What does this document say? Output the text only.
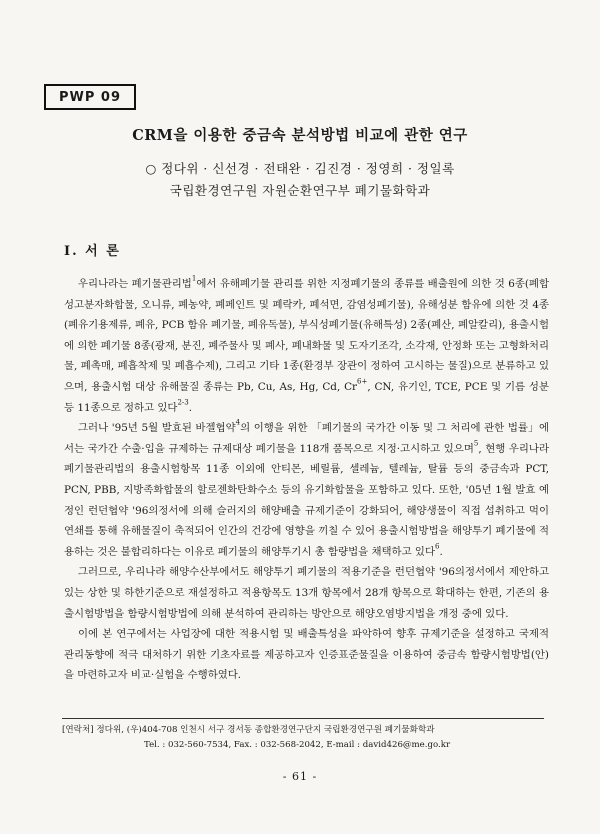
PWP 09
CRM을 이용한 중금속 분석방법 비교에 관한 연구
○ 정다위 · 신선경 · 전태완 · 김진경 · 정영희 · 정일록
국립환경연구원 자원순환연구부 폐기물화학과
I. 서 론

우리나라는 폐기물관리법$^1$에서 유해폐기물 관리를 위한 지정폐기물의 종류를 배출원에 의한 것 6종(폐합성고분자화합물, 오니류, 폐농약, 폐페인트 및 폐락카, 폐석면, 감염성폐기물), 유해성분 함유에 의한 것 4종(폐유기용제류, 폐유, PCB 함유 폐기물, 폐유독물), 부식성폐기물(유해특성) 2종(폐산, 폐알칼리), 용출시험에 의한 폐기물 8종(광재, 분진, 폐주물사 및 폐사, 폐내화물 및 도자기조각, 소각재, 안정화 또는 고형화처리물, 폐촉매, 폐흡착제 및 폐흡수제), 그리고 기타 1종(환경부 장관이 정하여 고시하는 물질)으로 분류하고 있으며, 용출시험 대상 유해물질 종류는 Pb, Cu, As, Hg, Cd, $Cr^{6+}$, CN, 유기인, TCE, PCE 및 기름 성분 등 11종으로 정하고 있다$^{2-3}$.

그러나 '95년 5월 발효된 바젤협약$^4$의 이행을 위한 「폐기물의 국가간 이동 및 그 처리에 관한 법률」에서는 국가간 수출·입을 규제하는 규제대상 폐기물을 118개 품목으로 지정·고시하고 있으며$^5$, 현행 우리나라 폐기물관리법의 용출시험항목 11종 이외에 안티몬, 베릴륨, 셀레늄, 텔레늄, 탈륨 등의 중금속과 PCT, PCN, PBB, 지방족화합물의 할로젠화탄화수소 등의 유기화합물을 포함하고 있다. 또한, '05년 1월 발효 예정인 런던협약 '96의정서에 의해 슬러지의 해양배출 규제기준이 강화되어, 해양생물이 직접 섭취하고 먹이연쇄를 통해 유해물질이 축적되어 인간의 건강에 영향을 끼칠 수 있어 용출시험방법을 해양투기 폐기물에 적용하는 것은 불합리하다는 이유로 폐기물의 해양투기시 총 함량법을 채택하고 있다$^6$.

그러므로, 우리나라 해양수산부에서도 해양투기 폐기물의 적용기준을 런던협약 '96의정서에서 제안하고 있는 상한 및 하한기준으로 재설정하고 적용항목도 13개 항목에서 28개 항목으로 확대하는 한편, 기존의 용출시험방법을 함량시험방법에 의해 분석하여 관리하는 방안으로 해양오염방지법을 개정 중에 있다.

이에 본 연구에서는 사업장에 대한 적용시험 및 배출특성을 파악하여 향후 규제기준을 설정하고 국제적 관리동향에 적극 대처하기 위한 기초자료를 제공하고자 인증표준물질을 이용하여 중금속 함량시험방법(안)을 마련하고자 비교·실험을 수행하였다.

[연락처] 정다위, (우)404-708 인천시 서구 경서동 종합환경연구단지 국립환경연구원 폐기물화학과
Tel. : 032-560-7534, Fax. : 032-568-2042, E-mail : david426@me.go.kr
- 61 -
